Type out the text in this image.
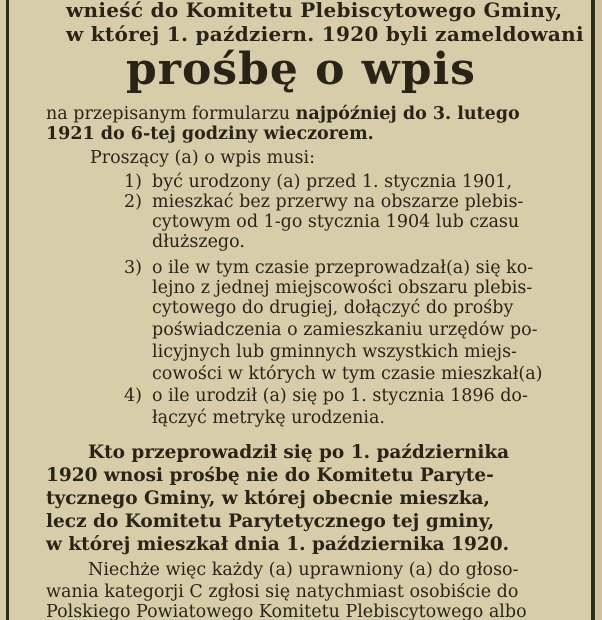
wnieść do Komitetu Plebiscytowego Gminy,

w której 1. październ. 1920 byli zameldowani

prośbę o wpis

na przepisanym formularzu najpóźniej do 3. lutego

1921 do 6-tej godziny wieczorem.

Proszący (a) o wpis musi:

1) być urodzony (a) przed 1. stycznia 1901,

2) mieszkać bez przerwy na obszarze plebis-

cytowym od 1-go stycznia 1904 lub czasu

dłuższego.

3) o ile w tym czasie przeprowadzał(a) się ko-

lejno z jednej miejscowości obszaru plebis-

cytowego do drugiej, dołączyć do prośby

poświadczenia o zamieszkaniu urzędów po-

licyjnych lub gminnych wszystkich miejs-

cowości w których w tym czasie mieszkał(a)

4) o ile urodził (a) się po 1. stycznia 1896 do-

łączyć metrykę urodzenia.

Kto przeprowadził się po 1. października

1920 wnosi prośbę nie do Komitetu Paryte-

tycznego Gminy, w której obecnie mieszka,

lecz do Komitetu Parytetycznego tej gminy,

w której mieszkał dnia 1. października 1920.

Niechże więc każdy (a) uprawniony (a) do głoso-

wania kategorji C zgłosi się natychmiast osobiście do

Polskiego Powiatowego Komitetu Plebiscytowego albo
